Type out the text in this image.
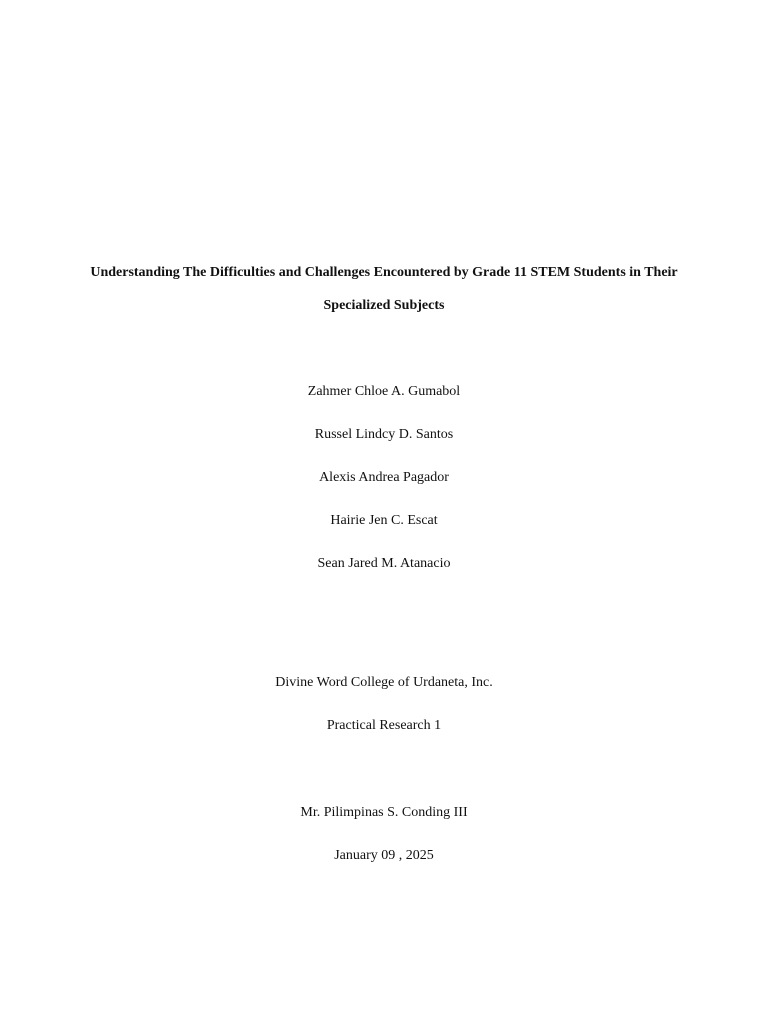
Understanding The Difficulties and Challenges Encountered by Grade 11 STEM Students in Their
Specialized Subjects
Zahmer Chloe A. Gumabol
Russel Lindcy D. Santos
Alexis Andrea Pagador
Hairie Jen C. Escat
Sean Jared M. Atanacio
Divine Word College of Urdaneta, Inc.
Practical Research 1
Mr. Pilimpinas S. Conding III
January 09 , 2025
